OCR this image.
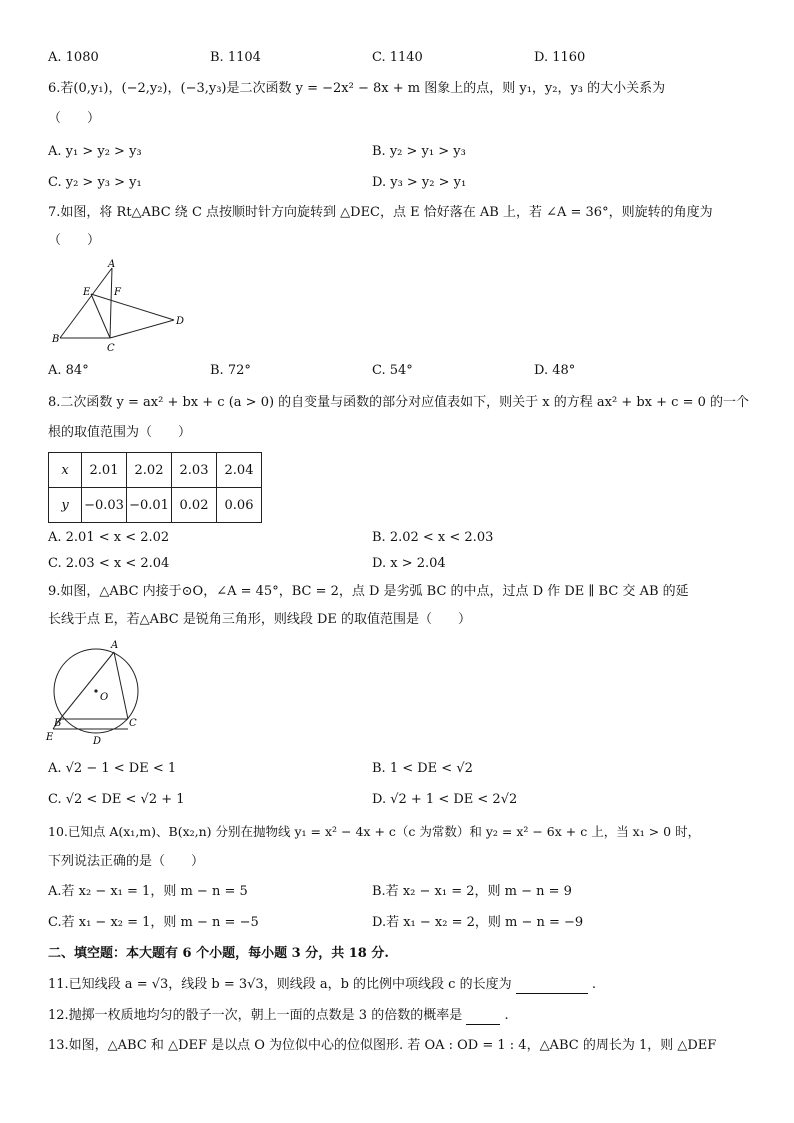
A. 1080	B. 1104	C. 1140	D. 1160
6.若(0,y₁)，(−2,y₂)，(−3,y₃)是二次函数 y = −2x² − 8x + m 图象上的点，则 y₁，y₂，y₃ 的大小关系为
（　　）
A. y₁ > y₂ > y₃	B. y₂ > y₁ > y₃
C. y₂ > y₃ > y₁	D. y₃ > y₂ > y₁
7.如图，将 Rt△ABC 绕 C 点按顺时针方向旋转到 △DEC，点 E 恰好落在 AB 上，若 ∠A = 36°，则旋转的角度为
（　　）
A
E F
D
B
C
A. 84°	B. 72°	C. 54°	D. 48°
8.二次函数 y = ax² + bx + c (a > 0) 的自变量与函数的部分对应值表如下，则关于 x 的方程 ax² + bx + c = 0 的一个
根的取值范围为（　　）
x	2.01	2.02	2.03	2.04
y	−0.03	−0.01	0.02	0.06
A. 2.01 < x < 2.02	B. 2.02 < x < 2.03
C. 2.03 < x < 2.04	D. x > 2.04
9.如图，△ABC 内接于⊙O，∠A = 45°，BC = 2，点 D 是劣弧 BC 的中点，过点 D 作 DE ∥ BC 交 AB 的延
长线于点 E，若△ABC 是锐角三角形，则线段 DE 的取值范围是（　　）
A
O
B	C
E	D
A. √2 − 1 < DE < 1	B. 1 < DE < √2
C. √2 < DE < √2 + 1	D. √2 + 1 < DE < 2√2
10.已知点 A(x₁,m)、B(x₂,n) 分别在抛物线 y₁ = x² − 4x + c（c 为常数）和 y₂ = x² − 6x + c 上，当 x₁ > 0 时，
下列说法正确的是（　　）
A.若 x₂ − x₁ = 1，则 m − n = 5	B.若 x₂ − x₁ = 2，则 m − n = 9
C.若 x₁ − x₂ = 1，则 m − n = −5	D.若 x₁ − x₂ = 2，则 m − n = −9
二、填空题：本大题有 6 个小题，每小题 3 分，共 18 分.
11.已知线段 a = √3，线段 b = 3√3，则线段 a，b 的比例中项线段 c 的长度为	.
12.抛掷一枚质地均匀的骰子一次，朝上一面的点数是 3 的倍数的概率是	.
13.如图，△ABC 和 △DEF 是以点 O 为位似中心的位似图形. 若 OA : OD = 1 : 4，△ABC 的周长为 1，则 △DEF
